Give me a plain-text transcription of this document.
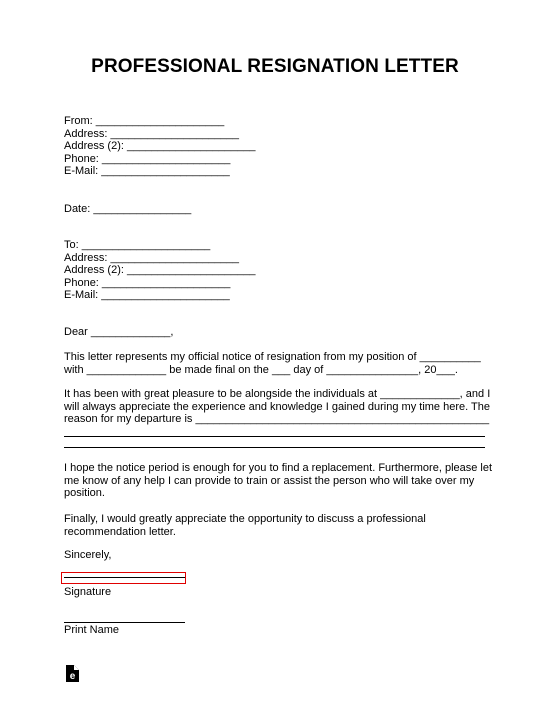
PROFESSIONAL RESIGNATION LETTER
From: _____________________
Address: _____________________
Address (2): _____________________
Phone: _____________________
E-Mail: _____________________
Date: ________________
To: _____________________
Address: _____________________
Address (2): _____________________
Phone: _____________________
E-Mail: _____________________
Dear _____________,
This letter represents my official notice of resignation from my position of __________
with _____________ be made final on the ___ day of _______________, 20___.
It has been with great pleasure to be alongside the individuals at _____________, and I
will always appreciate the experience and knowledge I gained during my time here. The
reason for my departure is ________________________________________________
I hope the notice period is enough for you to find a replacement. Furthermore, please let
me know of any help I can provide to train or assist the person who will take over my
position.
Finally, I would greatly appreciate the opportunity to discuss a professional
recommendation letter.
Sincerely,
Signature
Print Name
e
